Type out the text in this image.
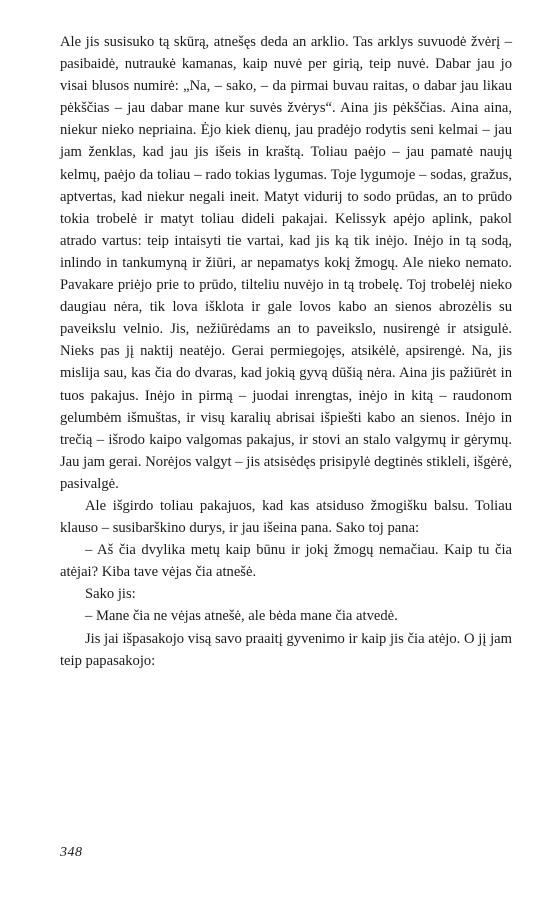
Ale jis susisuko tą skūrą, atnešęs deda an arklio. Tas arklys suvuodė žvėrį – pasibaidė, nutraukė kamanas, kaip nuvė per girią, teip nuvė. Dabar jau jo visai blusos numirė: „Na, – sako, – da pirmai buvau raitas, o dabar jau likau pėkščias – jau dabar mane kur suvės žvėrys“. Aina jis pėkščias. Aina aina, niekur nieko nepriaina. Ėjo kiek dienų, jau pradėjo rodytis seni kelmai – jau jam ženklas, kad jau jis išeis in kraštą. Toliau paėjo – jau pamatė naujų kelmų, paėjo da toliau – rado tokias lygumas. Toje lygumoje – sodas, gražus, aptvertas, kad niekur negali ineit. Matyt vidurij to sodo prūdas, an to prūdo tokia trobelė ir matyt toliau dideli pakajai. Kelissyk apėjo aplink, pakol atrado vartus: teip intaisyti tie vartai, kad jis ką tik inėjo. Inėjo in tą sodą, inlindo in tankumyną ir žiūri, ar nepamatys kokį žmogų. Ale nieko nemato. Pavakare priėjo prie to prūdo, tilteliu nuvėjo in tą trobelę. Toj trobelėj nieko daugiau nėra, tik lova išklota ir gale lovos kabo an sienos abrozėlis su paveikslu velnio. Jis, nežiūrėdams an to paveikslo, nusirengė ir atsigulė. Nieks pas jį naktij neatėjo. Gerai permiegojęs, atsikėlė, apsirengė. Na, jis mislija sau, kas čia do dvaras, kad jokią gyvą dūšią nėra. Aina jis pažiūrėt in tuos pakajus. Inėjo in pirmą – juodai inrengtas, inėjo in kitą – raudonom gelumbėm išmuštas, ir visų karalių abrisai išpiešti kabo an sienos. Inėjo in trečią – išrodo kaipo valgomas pakajus, ir stovi an stalo valgymų ir gėrymų. Jau jam gerai. Norėjos valgyt – jis atsisėdęs prisipylė degtinės stikleli, išgėrė, pasivalgė.

Ale išgirdo toliau pakajuos, kad kas atsiduso žmogišku balsu. Toliau klauso – susibarškino durys, ir jau išeina pana. Sako toj pana:

– Aš čia dvylika metų kaip būnu ir jokį žmogų nemačiau. Kaip tu čia atėjai? Kiba tave vėjas čia atnešė.

Sako jis:

– Mane čia ne vėjas atnešė, ale bėda mane čia atvedė.

Jis jai išpasakojo visą savo praaitį gyvenimo ir kaip jis čia atėjo. O jį jam teip papasakojo:

348
